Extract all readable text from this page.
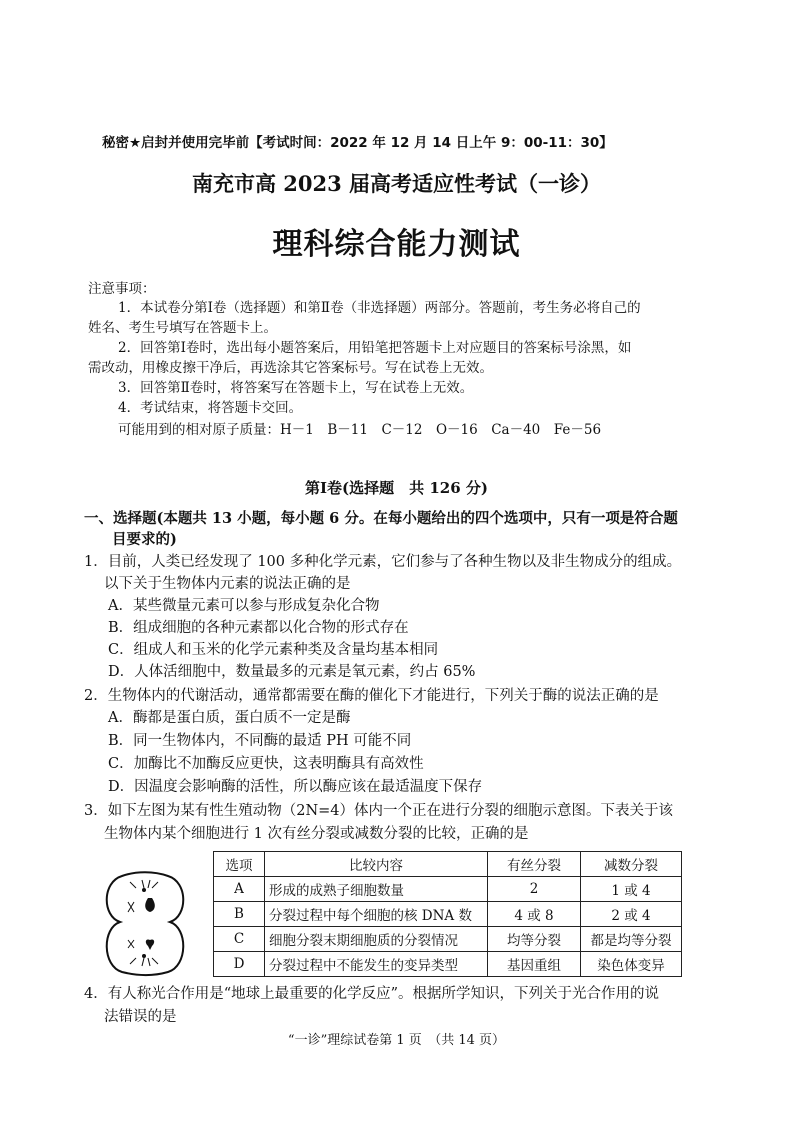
秘密★启封并使用完毕前【考试时间：2022 年 12 月 14 日上午 9：00-11：30】
南充市高 2023 届高考适应性考试（一诊）
理科综合能力测试
注意事项：
1．本试卷分第Ⅰ卷（选择题）和第Ⅱ卷（非选择题）两部分。答题前，考生务必将自己的
姓名、考生号填写在答题卡上。
2．回答第Ⅰ卷时，选出每小题答案后，用铅笔把答题卡上对应题目的答案标号涂黑，如
需改动，用橡皮擦干净后，再选涂其它答案标号。写在试卷上无效。
3．回答第Ⅱ卷时，将答案写在答题卡上，写在试卷上无效。
4．考试结束，将答题卡交回。
可能用到的相对原子质量：H－1　B－11　C－12　O－16　Ca－40　Fe－56
第Ⅰ卷(选择题　共 126 分)
一、选择题(本题共 13 小题，每小题 6 分。在每小题给出的四个选项中，只有一项是符合题
目要求的)
1．目前，人类已经发现了 100 多种化学元素，它们参与了各种生物以及非生物成分的组成。
以下关于生物体内元素的说法正确的是
A．某些微量元素可以参与形成复杂化合物
B．组成细胞的各种元素都以化合物的形式存在
C．组成人和玉米的化学元素种类及含量均基本相同
D．人体活细胞中，数量最多的元素是氧元素，约占 65%
2．生物体内的代谢活动，通常都需要在酶的催化下才能进行，下列关于酶的说法正确的是
A．酶都是蛋白质，蛋白质不一定是酶
B．同一生物体内，不同酶的最适 PH 可能不同
C．加酶比不加酶反应更快，这表明酶具有高效性
D．因温度会影响酶的活性，所以酶应该在最适温度下保存
3．如下左图为某有性生殖动物（2N=4）体内一个正在进行分裂的细胞示意图。下表关于该
生物体内某个细胞进行 1 次有丝分裂或减数分裂的比较，正确的是
选项	比较内容	有丝分裂	减数分裂
A	形成的成熟子细胞数量	2	1 或 4
B	分裂过程中每个细胞的核 DNA 数	4 或 8	2 或 4
C	细胞分裂末期细胞质的分裂情况	均等分裂	都是均等分裂
D	分裂过程中不能发生的变异类型	基因重组	染色体变异
4．有人称光合作用是“地球上最重要的化学反应”。根据所学知识，下列关于光合作用的说
法错误的是
“一诊”理综试卷第 1 页　（共 14 页）
